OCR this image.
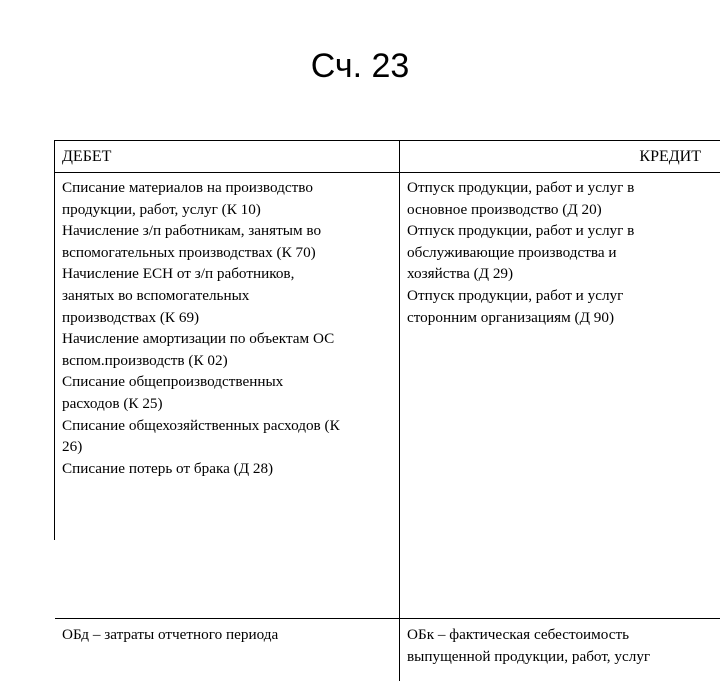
Сч. 23
ДЕБЕТ	КРЕДИТ
Списание материалов на производство
продукции, работ, услуг (К 10)
Начисление з/п работникам, занятым во
вспомогательных производствах (К 70)
Начисление ЕСН от з/п работников,
занятых во вспомогательных
производствах (К 69)
Начисление амортизации по объектам ОС
вспом.производств (К 02)
Списание общепроизводственных
расходов (К 25)
Списание общехозяйственных расходов (К
26)
Списание потерь от брака (Д 28)
Отпуск продукции, работ и услуг в
основное производство (Д 20)
Отпуск продукции, работ и услуг в
обслуживающие производства и
хозяйства (Д 29)
Отпуск продукции, работ и услуг
сторонним организациям (Д 90)
ОБд – затраты отчетного периода	ОБк – фактическая себестоимость
выпущенной продукции, работ, услуг
